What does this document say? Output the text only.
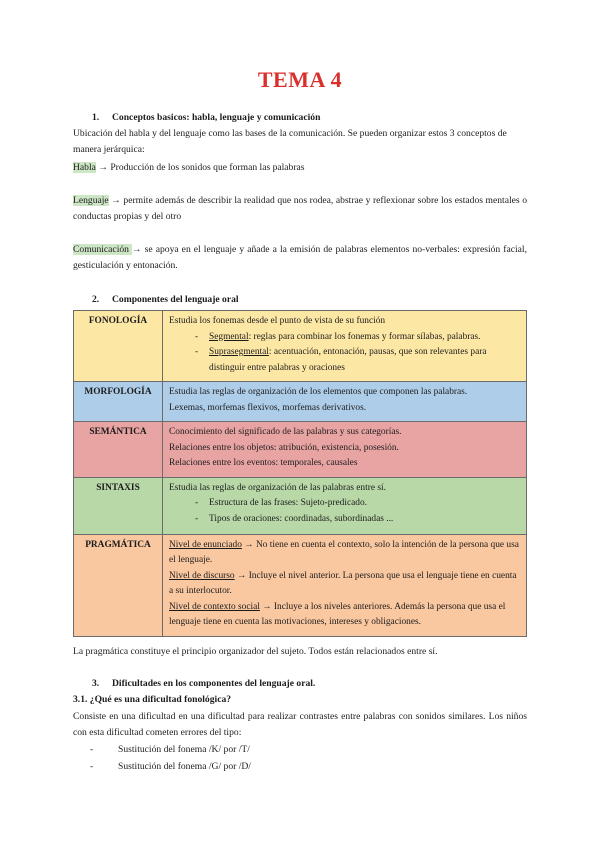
TEMA 4
1. Conceptos basicos: habla, lenguaje y comunicación
Ubicación del habla y del lenguaje como las bases de la comunicación. Se pueden organizar estos 3 conceptos de manera jerárquica:
Habla → Producción de los sonidos que forman las palabras
Lenguaje → permite además de describir la realidad que nos rodea, abstrae y reflexionar sobre los estados mentales o conductas propias y del otro
Comunicación → se apoya en el lenguaje y añade a la emisión de palabras elementos no-verbales: expresión facial, gesticulación y entonación.
2. Componentes del lenguaje oral
FONOLOGÍA	Estudia los fonemas desde el punto de vista de su función
- Segmental: reglas para combinar los fonemas y formar sílabas, palabras.
- Suprasegmental: acentuación, entonación, pausas, que son relevantes para distinguir entre palabras y oraciones

MORFOLOGÍA	Estudia las reglas de organización de los elementos que componen las palabras.
Lexemas, morfemas flexivos, morfemas derivativos.

SEMÁNTICA	Conocimiento del significado de las palabras y sus categorías.
Relaciones entre los objetos: atribución, existencia, posesión.
Relaciones entre los eventos: temporales, causales

SINTAXIS	Estudia las reglas de organización de las palabras entre sí.
- Estructura de las frases: Sujeto-predicado.
- Tipos de oraciones: coordinadas, subordinadas ...

PRAGMÁTICA	Nivel de enunciado → No tiene en cuenta el contexto, solo la intención de la persona que usa el lenguaje.
Nivel de discurso → Incluye el nivel anterior. La persona que usa el lenguaje tiene en cuenta a su interlocutor.
Nivel de contexto social → Incluye a los niveles anteriores. Además la persona que usa el lenguaje tiene en cuenta las motivaciones, intereses y obligaciones.
La pragmática constituye el principio organizador del sujeto. Todos están relacionados entre sí.
3. Dificultades en los componentes del lenguaje oral.
3.1. ¿Qué es una dificultad fonológica?
Consiste en una dificultad en una dificultad para realizar contrastes entre palabras con sonidos similares. Los niños con esta dificultad cometen errores del tipo:
-	Sustitución del fonema /K/ por /T/
-	Sustitución del fonema /G/ por /D/
